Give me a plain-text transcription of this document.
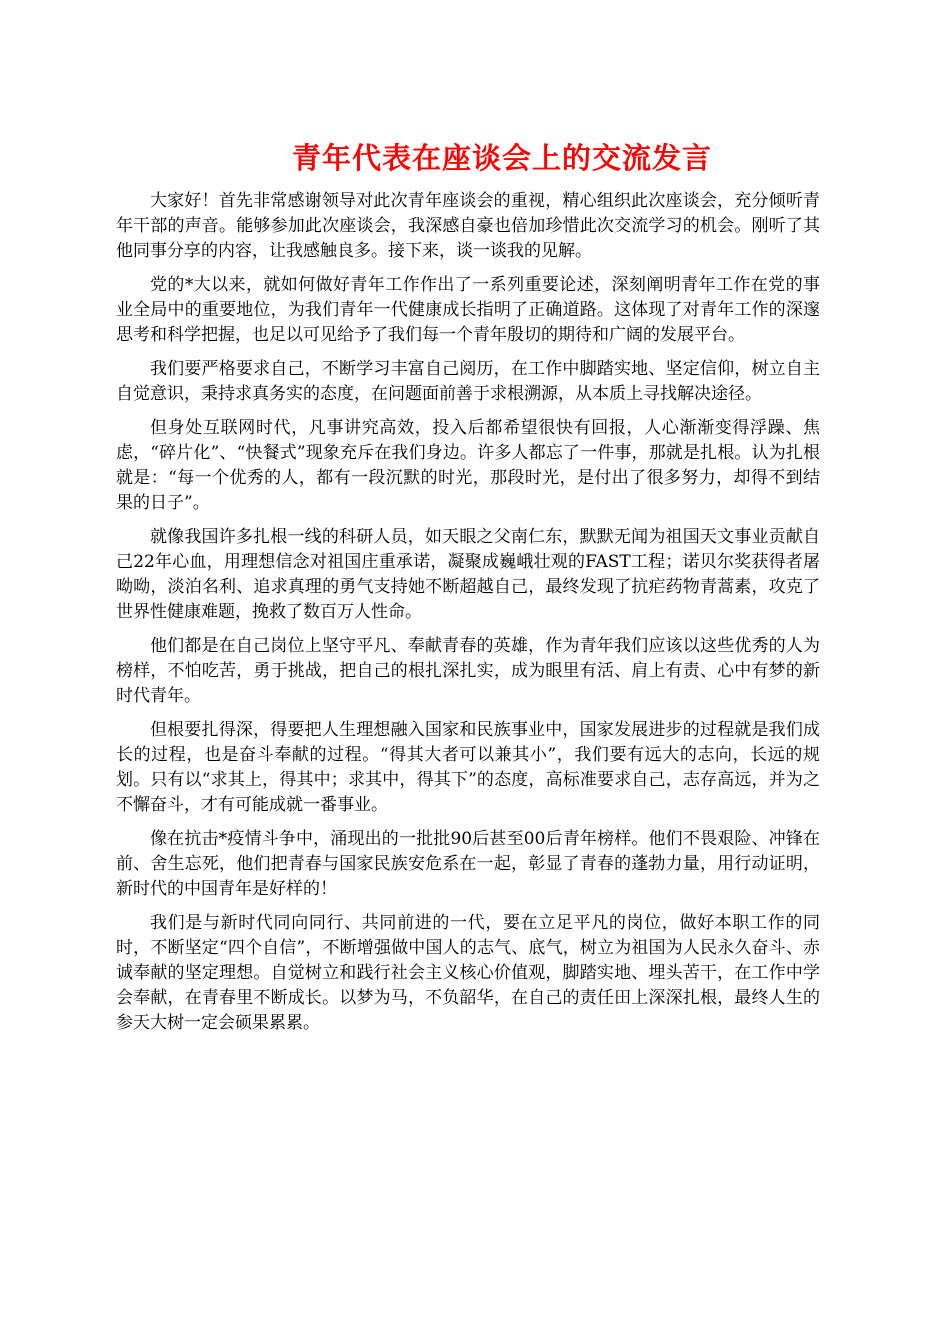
青年代表在座谈会上的交流发言

大家好！首先非常感谢领导对此次青年座谈会的重视，精心组织此次座谈会，充分倾听青年干部的声音。能够参加此次座谈会，我深感自豪也倍加珍惜此次交流学习的机会。刚听了其他同事分享的内容，让我感触良多。接下来，谈一谈我的见解。

党的*大以来，就如何做好青年工作作出了一系列重要论述，深刻阐明青年工作在党的事业全局中的重要地位，为我们青年一代健康成长指明了正确道路。这体现了对青年工作的深邃思考和科学把握，也足以可见给予了我们每一个青年殷切的期待和广阔的发展平台。

我们要严格要求自己，不断学习丰富自己阅历，在工作中脚踏实地、坚定信仰，树立自主自觉意识，秉持求真务实的态度，在问题面前善于求根溯源，从本质上寻找解决途径。

但身处互联网时代，凡事讲究高效，投入后都希望很快有回报，人心渐渐变得浮躁、焦虑，“碎片化”、“快餐式”现象充斥在我们身边。许多人都忘了一件事，那就是扎根。认为扎根就是：“每一个优秀的人，都有一段沉默的时光，那段时光，是付出了很多努力，却得不到结果的日子”。

就像我国许多扎根一线的科研人员，如天眼之父南仁东，默默无闻为祖国天文事业贡献自己22年心血，用理想信念对祖国庄重承诺，凝聚成巍峨壮观的FAST工程；诺贝尔奖获得者屠呦呦，淡泊名利、追求真理的勇气支持她不断超越自己，最终发现了抗疟药物青蒿素，攻克了世界性健康难题，挽救了数百万人性命。

他们都是在自己岗位上坚守平凡、奉献青春的英雄，作为青年我们应该以这些优秀的人为榜样，不怕吃苦，勇于挑战，把自己的根扎深扎实，成为眼里有活、肩上有责、心中有梦的新时代青年。

但根要扎得深，得要把人生理想融入国家和民族事业中，国家发展进步的过程就是我们成长的过程，也是奋斗奉献的过程。“得其大者可以兼其小”，我们要有远大的志向，长远的规划。只有以“求其上，得其中；求其中，得其下”的态度，高标准要求自己，志存高远，并为之不懈奋斗，才有可能成就一番事业。

像在抗击*疫情斗争中，涌现出的一批批90后甚至00后青年榜样。他们不畏艰险、冲锋在前、舍生忘死，他们把青春与国家民族安危系在一起，彰显了青春的蓬勃力量，用行动证明，新时代的中国青年是好样的！

我们是与新时代同向同行、共同前进的一代，要在立足平凡的岗位，做好本职工作的同时，不断坚定“四个自信”，不断增强做中国人的志气、底气，树立为祖国为人民永久奋斗、赤诚奉献的坚定理想。自觉树立和践行社会主义核心价值观，脚踏实地、埋头苦干，在工作中学会奉献，在青春里不断成长。以梦为马，不负韶华，在自己的责任田上深深扎根，最终人生的参天大树一定会硕果累累。
